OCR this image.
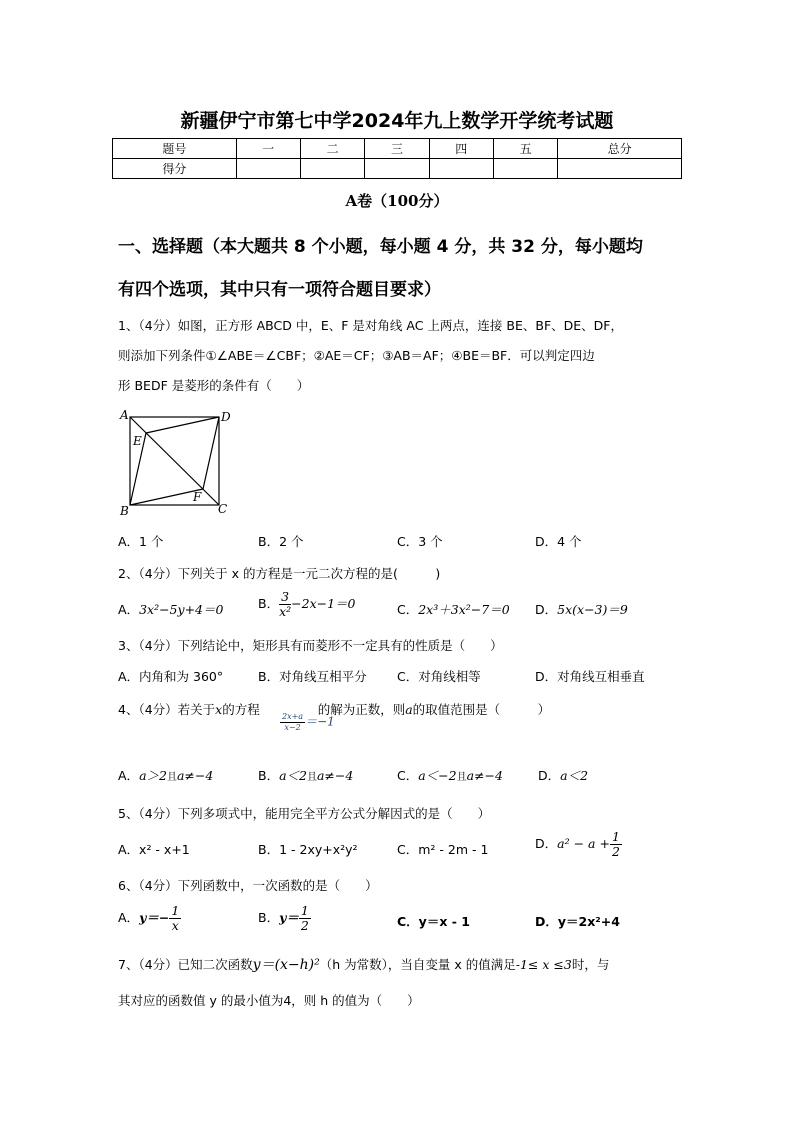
新疆伊宁市第七中学2024年九上数学开学统考试题
题号	一	二	三	四	五	总分
得分						
A卷（100分）
一、选择题（本大题共 8 个小题，每小题 4 分，共 32 分，每小题均
有四个选项，其中只有一项符合题目要求）
1、（4分）如图，正方形 ABCD 中，E、F 是对角线 AC 上两点，连接 BE、BF、DE、DF，
则添加下列条件①∠ABE＝∠CBF；②AE＝CF；③AB＝AF；④BE＝BF．可以判定四边
形 BEDF 是菱形的条件有（　　）
A	D
E
F
B	C
A．1 个	B．2 个	C．3 个	D．4 个
2、（4分）下列关于 x 的方程是一元二次方程的是(　　　)
A．3x²−5y+4＝0	B． $\frac{3}{\text{x²}} -2x-1=0$	C．2x³＋3x²−7＝0 D．5x(x−3)＝9
3、（4分）下列结论中，矩形具有而菱形不一定具有的性质是（　　）
A．内角和为 360°	B．对角线互相平分 C．对角线相等	D．对角线互相垂直
4、（4分）若关于x的方程	的解为正数，则a的取值范围是（　　　）
$\frac{2x+a}{x-2} =-1$
A．a＞2且a≠−4	B．a＜2且a≠−4	C．a＜−2且a≠−4	D．a＜2
5、（4分）下列多项式中，能用完全平方公式分解因式的是（　　）
A．x² - x+1	B．1 - 2xy+x²y²	C．m² - 2m - 1	D．$a^2 - a + \frac{1}{2}$
6、（4分）下列函数中，一次函数的是（　　）
A．$y=- \frac{1}{x}$	B．$y= \frac{1}{2}$	C．y＝x - 1	D．y＝2x²+4
7、（4分）已知二次函数y＝(x−h)²（h 为常数），当自变量 x 的值满足-1≤ x ≤3时，与
其对应的函数值 y 的最小值为4，则 h 的值为（　　）
